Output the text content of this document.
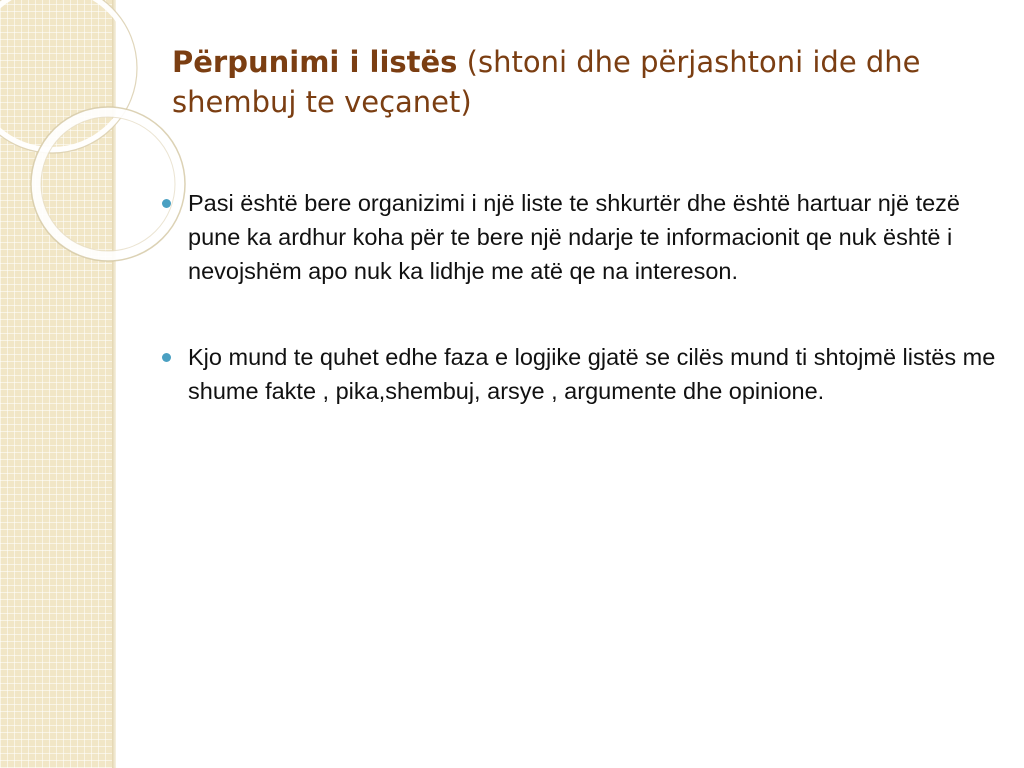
Përpunimi i listës (shtoni dhe përjashtoni ide dhe shembuj te veçanet)
Pasi është bere organizimi i një liste te shkurtër dhe është hartuar një tezë pune ka ardhur koha për te bere një ndarje te informacionit qe nuk është i nevojshëm apo nuk ka lidhje me atë qe na intereson.
Kjo mund te quhet edhe faza e logjike gjatë se cilës mund ti shtojmë listës me shume fakte , pika,shembuj, arsye , argumente dhe opinione.
